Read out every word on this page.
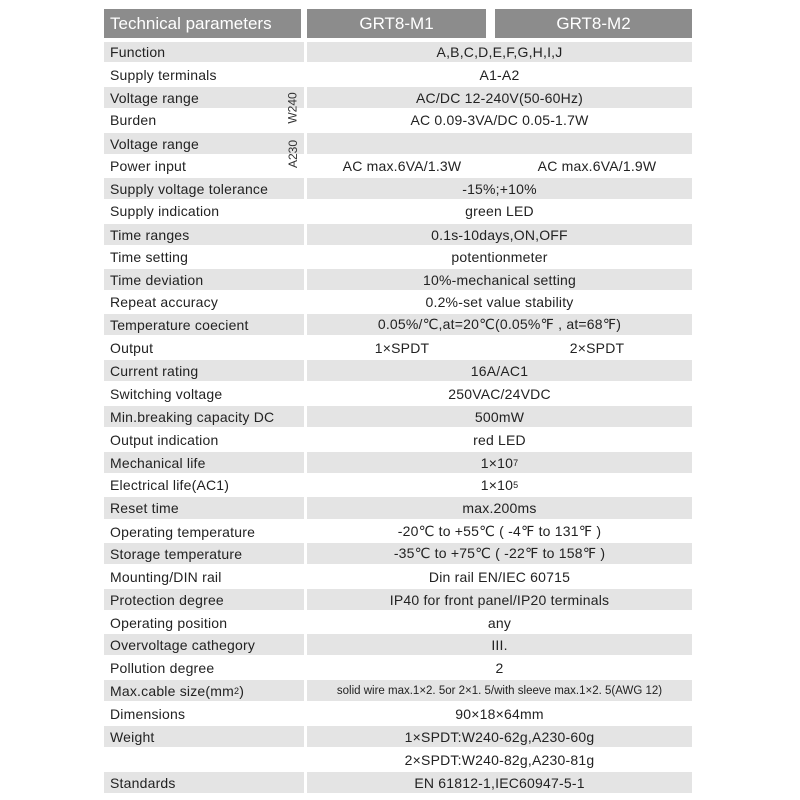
Technical parameters	GRT8-M1	GRT8-M2
Function	A,B,C,D,E,F,G,H,I,J
Supply terminals	A1-A2
Voltage range	AC/DC 12-240V(50-60Hz)
Burden	AC 0.09-3VA/DC 0.05-1.7W
Voltage range
Power input	AC max.6VA/1.3W	AC max.6VA/1.9W
W240
A230
Supply voltage tolerance	-15%;+10%
Supply indication	green LED
Time ranges	0.1s-10days,ON,OFF
Time setting	potentionmeter
Time deviation	10%-mechanical setting
Repeat accuracy	0.2%-set value stability
Temperature coecient	0.05%/℃,at=20℃(0.05%℉ , at=68℉)
Output	1×SPDT	2×SPDT
Current rating	16A/AC1
Switching voltage	250VAC/24VDC
Min.breaking capacity DC	500mW
Output indication	red LED
Mechanical life	1×10 7
Electrical life(AC1)	1×10 5
Reset time	max.200ms
Operating temperature	-20℃ to +55℃ ( -4℉ to 131℉ )
Storage temperature	-35℃ to +75℃ ( -22℉ to 158℉ )
Mounting/DIN rail	Din rail EN/IEC 60715
Protection degree	IP40 for front panel/IP20 terminals
Operating position	any
Overvoltage cathegory	III.
Pollution degree	2
Max.cable size(mm 2 )	solid wire max.1×2. 5or 2×1. 5/with sleeve max.1×2. 5(AWG 12)
Dimensions	90×18×64mm
Weight	1×SPDT:W240-62g,A230-60g
2×SPDT:W240-82g,A230-81g
Standards	EN 61812-1,IEC60947-5-1
